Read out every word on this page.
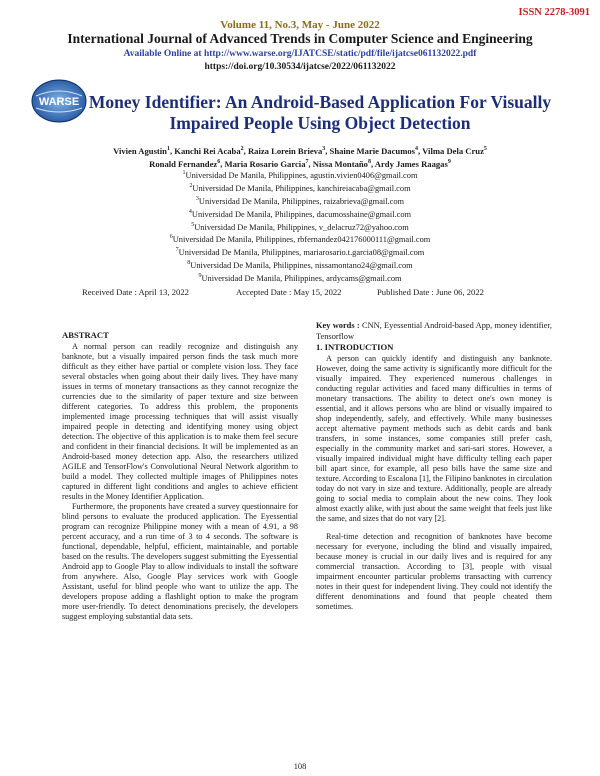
ISSN 2278-3091
Volume 11, No.3, May - June 2022
International Journal of Advanced Trends in Computer Science and Engineering
Available Online at http://www.warse.org/IJATCSE/static/pdf/file/ijatcse061132022.pdf
https://doi.org/10.30534/ijatcse/2022/061132022
WARSE Money Identifier: An Android-Based Application For Visually Impaired People Using Object Detection
Vivien Agustin$^1$, Kanchi Rei Acaba$^2$, Raiza Lorein Brieva$^3$, Shaine Marie Dacumos$^4$, Vilma Dela Cruz$^5$
Ronald Fernandez$^6$, Maria Rosario Garcia$^7$, Nissa Montaño$^8$, Ardy James Raagas$^9$
$^1$Universidad De Manila, Philippines, agustin.vivien0406@gmail.com
$^2$Universidad De Manila, Philippines, kanchireiacaba@gmail.com
$^3$Universidad De Manila, Philippines, raizabrieva@gmail.com
$^4$Universidad De Manila, Philippines, dacumosshaine@gmail.com
$^5$Universidad De Manila, Philippines, v_delacruz72@yahoo.com
$^6$Universidad De Manila, Philippines, rbfernandez042176000111@gmail.com
$^7$Universidad De Manila, Philippines, mariarosario.t.garcia08@gmail.com
$^8$Universidad De Manila, Philippines, nissamontano24@gmail.com
$^9$Universidad De Manila, Philippines, ardycams@gmail.com
Received Date : April 13, 2022	Accepted Date : May 15, 2022	Published Date : June 06, 2022
ABSTRACT

A normal person can readily recognize and distinguish any banknote, but a visually impaired person finds the task much more difficult as they either have partial or complete vision loss. They face several obstacles when going about their daily lives. They have many issues in terms of monetary transactions as they cannot recognize the currencies due to the similarity of paper texture and size between different categories. To address this problem, the proponents implemented image processing techniques that will assist visually impaired people in detecting and identifying money using object detection. The objective of this application is to make them feel secure and confident in their financial decisions. It will be implemented as an Android-based money detection app. Also, the researchers utilized AGILE and TensorFlow's Convolutional Neural Network algorithm to build a model. They collected multiple images of Philippines notes captured in different light conditions and angles to achieve efficient results in the Money Identifier Application.

Furthermore, the proponents have created a survey questionnaire for blind persons to evaluate the produced application. The Eyessential program can recognize Philippine money with a mean of 4.91, a 98 percent accuracy, and a run time of 3 to 4 seconds. The software is functional, dependable, helpful, efficient, maintainable, and portable based on the results. The developers suggest submitting the Eyessential Android app to Google Play to allow individuals to install the software from anywhere. Also, Google Play services work with Google Assistant, useful for blind people who want to utilize the app. The developers propose adding a flashlight option to make the program more user-friendly. To detect denominations precisely, the developers suggest employing substantial data sets.

Key words : CNN, Eyessential Android-based App, money identifier, Tensorflow

1. INTRODUCTION

A person can quickly identify and distinguish any banknote. However, doing the same activity is significantly more difficult for the visually impaired. They experienced numerous challenges in conducting regular activities and faced many difficulties in terms of monetary transactions. The ability to detect one's own money is essential, and it allows persons who are blind or visually impaired to shop independently, safely, and effectively. While many businesses accept alternative payment methods such as debit cards and bank transfers, in some instances, some companies still prefer cash, especially in the community market and sari-sari stores. However, a visually impaired individual might have difficulty telling each paper bill apart since, for example, all peso bills have the same size and texture. According to Escalona [1], the Filipino banknotes in circulation today do not vary in size and texture. Additionally, people are already going to social media to complain about the new coins. They look almost exactly alike, with just about the same weight that feels just like the same, and sizes that do not vary [2].

Real-time detection and recognition of banknotes have become necessary for everyone, including the blind and visually impaired, because money is crucial in our daily lives and is required for any commercial transaction. According to [3], people with visual impairment encounter particular problems transacting with currency notes in their quest for independent living. They could not identify the different denominations and found that people cheated them sometimes.

108
